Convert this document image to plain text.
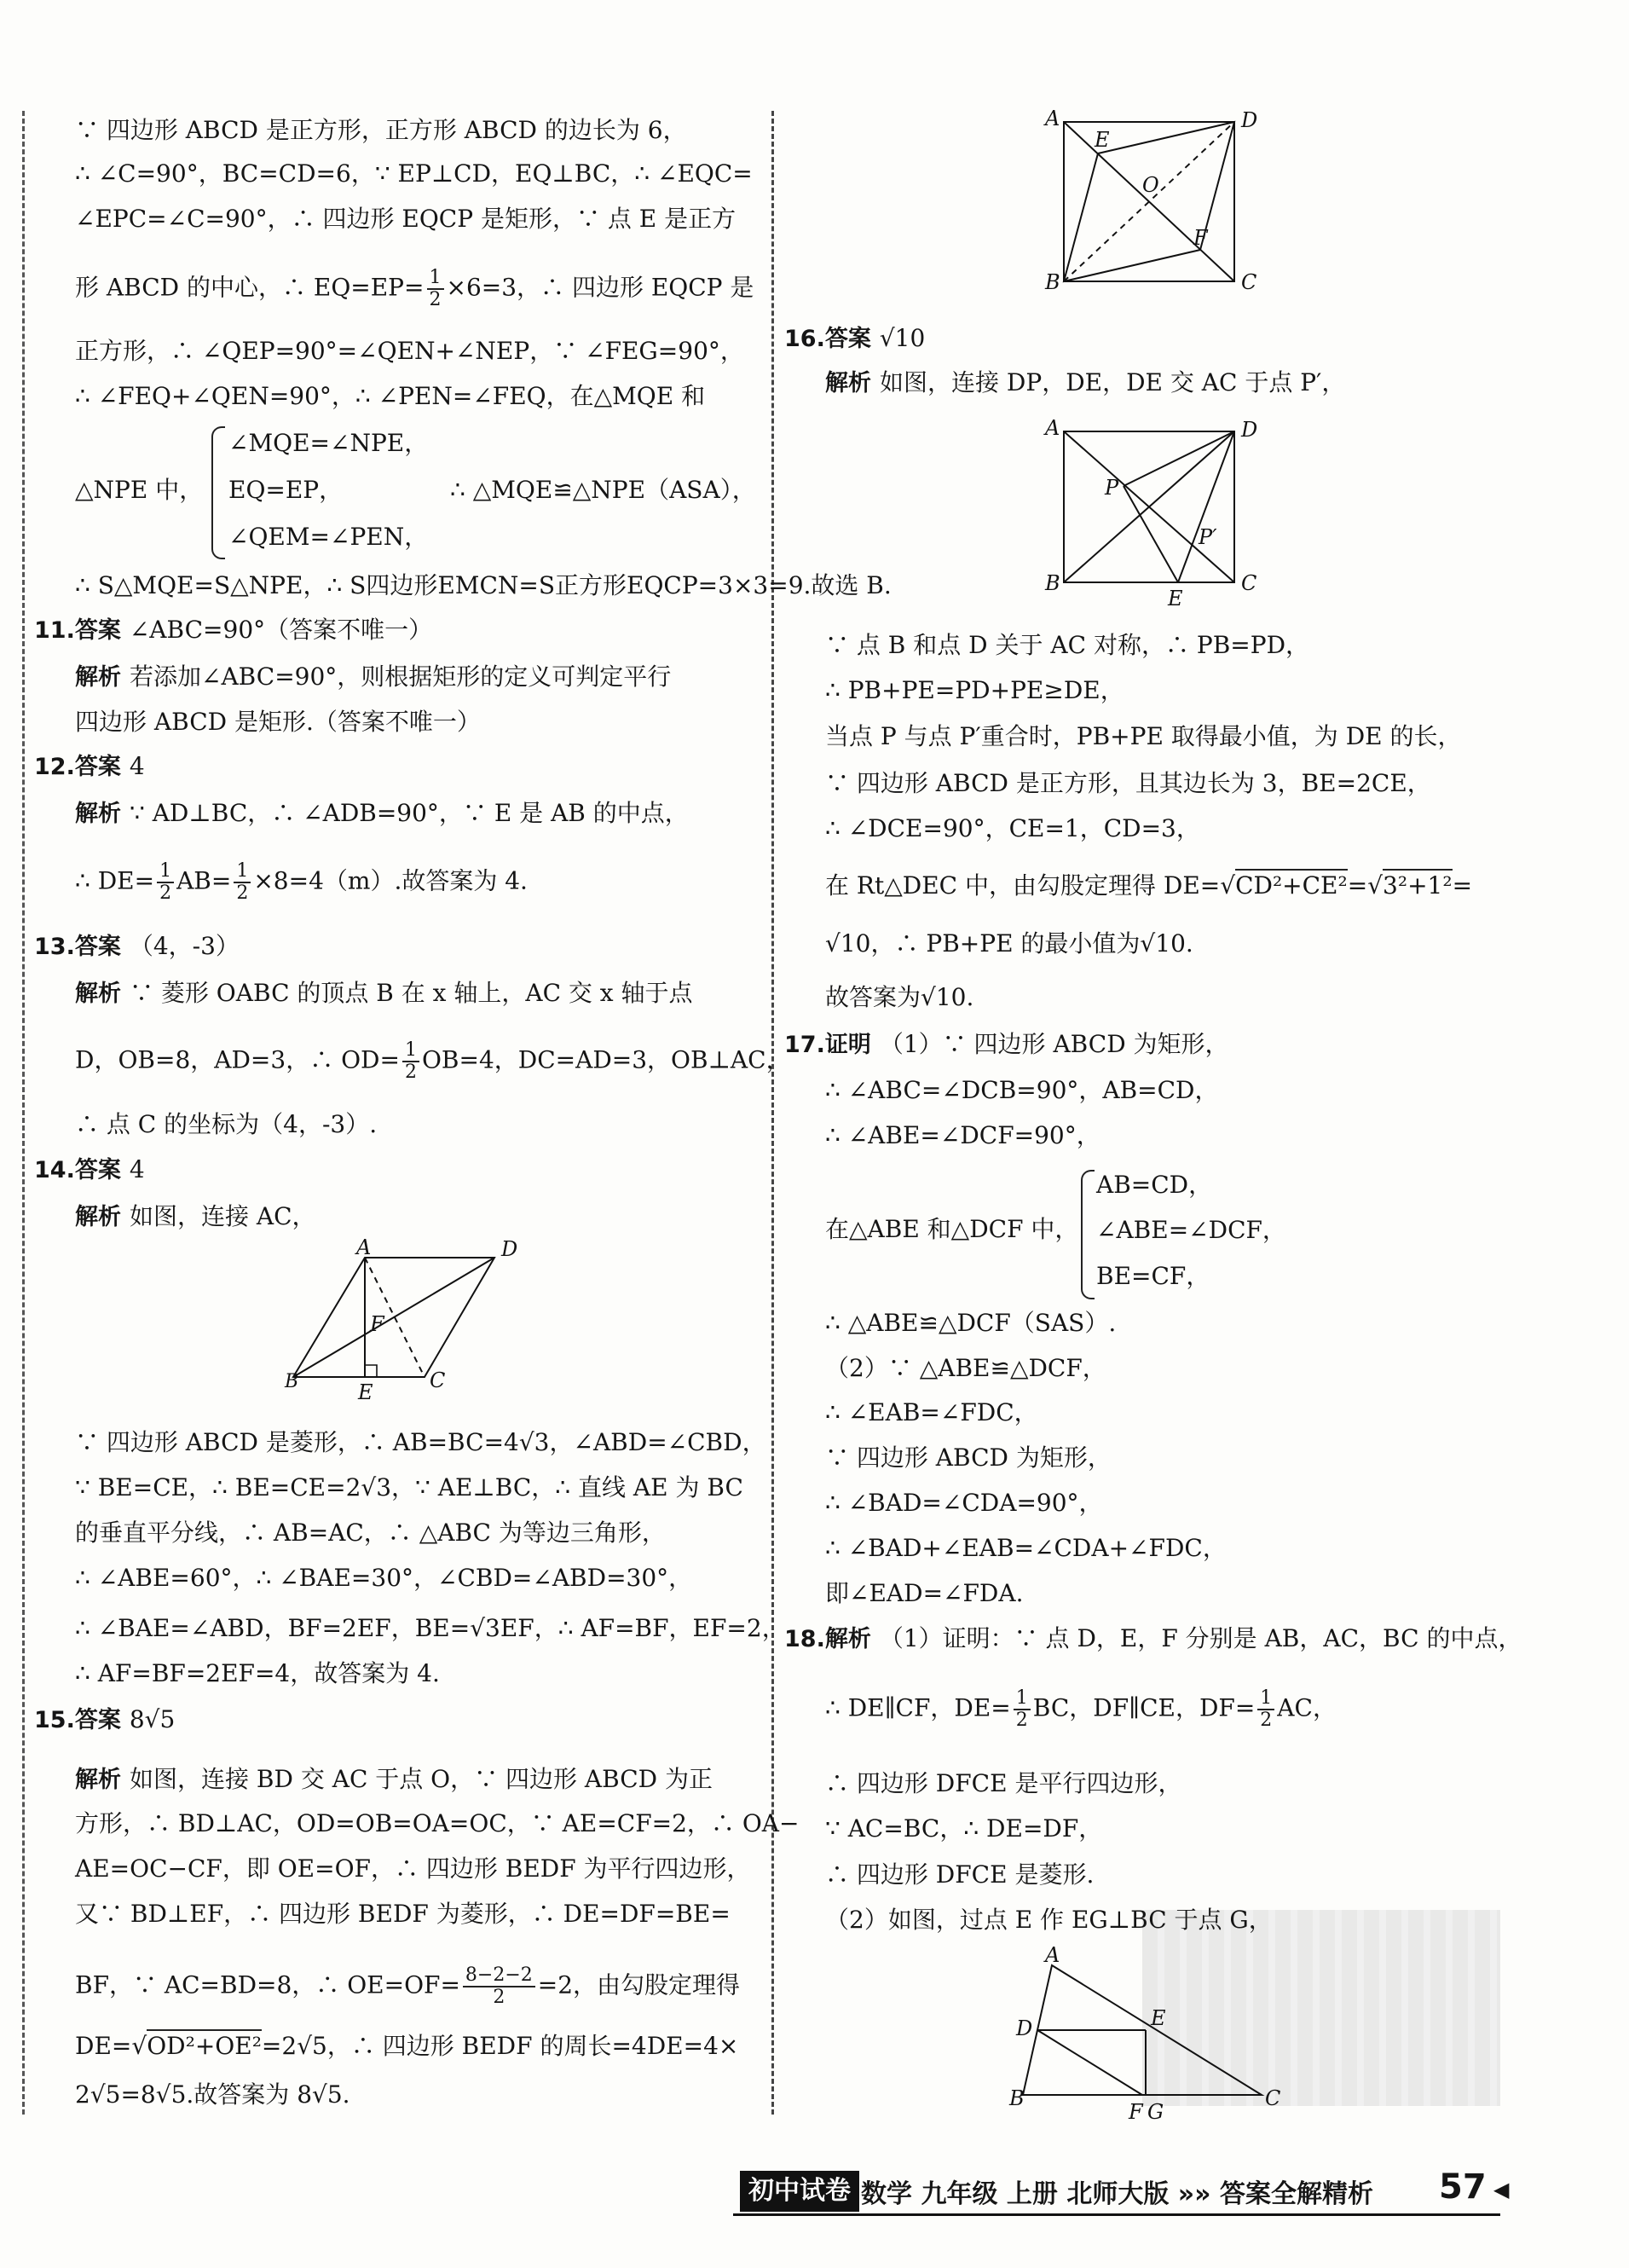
∵ 四边形 ABCD 是正方形，正方形 ABCD 的边长为 6，
∴ ∠C=90°，BC=CD=6，∵ EP⊥CD，EQ⊥BC，∴ ∠EQC=
∠EPC=∠C=90°，∴ 四边形 EQCP 是矩形，∵ 点 E 是正方
形 ABCD 的中心，∴ $EQ=EP= \frac{1}{2} \times 6=3$，∴ 四边形 EQCP 是
正方形，∴ ∠QEP=90°=∠QEN+∠NEP，∵ ∠FEG=90°，
∴ ∠FEQ+∠QEN=90°，∴ ∠PEN=∠FEQ，在△MQE 和
△NPE 中，
∠MQE=∠NPE，
EQ=EP，
∠QEM=∠PEN，
∴ △MQE≌△NPE（ASA），
∴ S△MQE=S△NPE，∴ S四边形EMCN=S正方形EQCP=3×3=9.故选 B.
11.答案 ∠ABC=90°（答案不唯一）
解析 若添加∠ABC=90°，则根据矩形的定义可判定平行
四边形 ABCD 是矩形.（答案不唯一）
12.答案 4
解析 ∵ AD⊥BC，∴ ∠ADB=90°，∵ E 是 AB 的中点，
∴ $DE= \frac{1}{2} AB= \frac{1}{2} \times 8=4(m)$.故答案为 4.
13.答案 （4，-3）
解析 ∵ 菱形 OABC 的顶点 B 在 x 轴上，AC 交 x 轴于点
D，OB=8，AD=3，∴ $OD= \frac{1}{2} OB=4$，DC=AD=3，OB⊥AC，
∴ 点 C 的坐标为（4，-3）.
14.答案 4
解析 如图，连接 AC，
A	D
F
B	E	C
∵ 四边形 ABCD 是菱形，∴ AB=BC=4√3，∠ABD=∠CBD，
∵ BE=CE，∴ BE=CE=2√3，∵ AE⊥BC，∴ 直线 AE 为 BC
的垂直平分线，∴ AB=AC，∴ △ABC 为等边三角形，
∴ ∠ABE=60°，∴ ∠BAE=30°，∠CBD=∠ABD=30°，
∴ ∠BAE=∠ABD，BF=2EF，BE=√3EF，∴ AF=BF，EF=2，
∴ AF=BF=2EF=4，故答案为 4.
15.答案 8√5
解析 如图，连接 BD 交 AC 于点 O，∵ 四边形 ABCD 为正
方形，∴ BD⊥AC，OD=OB=OA=OC，∵ AE=CF=2，∴ OA−
AE=OC−CF，即 OE=OF，∴ 四边形 BEDF 为平行四边形，
又∵ BD⊥EF，∴ 四边形 BEDF 为菱形，∴ DE=DF=BE=
BF，∵ AC=BD=8，∴ $OE=OF= \frac{8-2-2}{2} =2$，由勾股定理得
DE=√OD²+OE²=2√5，∴ 四边形 BEDF 的周长=4DE=4×
2√5=8√5.故答案为 8√5.
A	D
E
O
F
B	C
16.答案 √10
解析 如图，连接 DP，DE，DE 交 AC 于点 P′，
A	D
P
P′
B
E
C
∵ 点 B 和点 D 关于 AC 对称，∴ PB=PD，
∴ PB+PE=PD+PE≥DE，
当点 P 与点 P′重合时，PB+PE 取得最小值，为 DE 的长，
∵ 四边形 ABCD 是正方形，且其边长为 3，BE=2CE，
∴ ∠DCE=90°，CE=1，CD=3，
在 Rt△DEC 中，由勾股定理得 DE=√CD²+CE²=√3²+1²=
√10，∴ PB+PE 的最小值为√10.
故答案为√10.
17.证明 （1）∵ 四边形 ABCD 为矩形，
∴ ∠ABC=∠DCB=90°，AB=CD，
∴ ∠ABE=∠DCF=90°，
在△ABE 和△DCF 中，
AB=CD，
∠ABE=∠DCF，
BE=CF，
∴ △ABE≌△DCF（SAS）.
（2）∵ △ABE≌△DCF，
∴ ∠EAB=∠FDC，
∵ 四边形 ABCD 为矩形，
∴ ∠BAD=∠CDA=90°，
∴ ∠BAD+∠EAB=∠CDA+∠FDC，
即∠EAD=∠FDA.
18.解析 （1）证明：∵ 点 D，E，F 分别是 AB，AC，BC 的中点，
∴ DE∥CF，$DE= \frac{1}{2}$ BC，DF∥CE，$DF= \frac{1}{2}$ AC，
∴ 四边形 DFCE 是平行四边形，
∵ AC=BC，∴ DE=DF，
∴ 四边形 DFCE 是菱形.
（2）如图，过点 E 作 EG⊥BC 于点 G，
A
D	E
B
F G
C
初中试卷 数学 九年级 上册 北师大版 »» 答案全解精析 57 ◀
